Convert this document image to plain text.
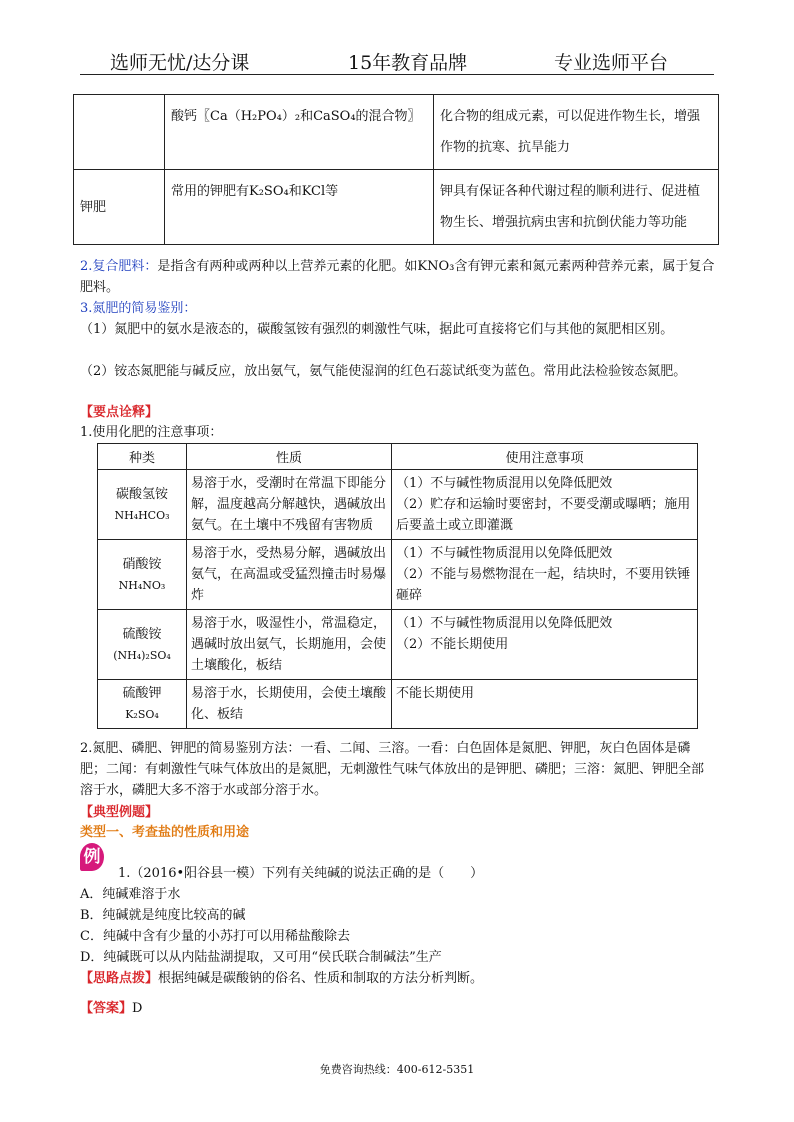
选师无忧/达分课	15年教育品牌	专业选师平台
	酸钙〖Ca（H₂PO₄）₂和CaSO₄的混合物〗	化合物的组成元素，可以促进作物生长，增强作物的抗寒、抗旱能力
钾肥	常用的钾肥有K₂SO₄和KCl等	钾具有保证各种代谢过程的顺利进行、促进植物生长、增强抗病虫害和抗倒伏能力等功能
2.复合肥料：是指含有两种或两种以上营养元素的化肥。如KNO₃含有钾元素和氮元素两种营养元素，属于复合肥料。
3.氮肥的简易鉴别：
（1）氮肥中的氨水是液态的，碳酸氢铵有强烈的刺激性气味，据此可直接将它们与其他的氮肥相区别。
（2）铵态氮肥能与碱反应，放出氨气，氨气能使湿润的红色石蕊试纸变为蓝色。常用此法检验铵态氮肥。
【要点诠释】
1.使用化肥的注意事项：
种类	性质	使用注意事项
碳酸氢铵
NH₄HCO₃	易溶于水，受潮时在常温下即能分解，温度越高分解越快，遇碱放出氨气。在土壤中不残留有害物质	（1）不与碱性物质混用以免降低肥效
（2）贮存和运输时要密封，不要受潮或曝晒；施用后要盖土或立即灌溉
硝酸铵
NH₄NO₃	易溶于水，受热易分解，遇碱放出氨气，在高温或受猛烈撞击时易爆炸	（1）不与碱性物质混用以免降低肥效
（2）不能与易燃物混在一起，结块时，不要用铁锤砸碎
硫酸铵
(NH₄)₂SO₄	易溶于水，吸湿性小，常温稳定，遇碱时放出氨气，长期施用，会使土壤酸化，板结	（1）不与碱性物质混用以免降低肥效
（2）不能长期使用
硫酸钾
K₂SO₄	易溶于水，长期使用，会使土壤酸化、板结	不能长期使用
2.氮肥、磷肥、钾肥的简易鉴别方法：一看、二闻、三溶。一看：白色固体是氮肥、钾肥，灰白色固体是磷肥；二闻：有刺激性气味气体放出的是氮肥，无刺激性气味气体放出的是钾肥、磷肥；三溶：氮肥、钾肥全部溶于水，磷肥大多不溶于水或部分溶于水。
【典型例题】
类型一、考查盐的性质和用途
例
1.（2016•阳谷县一模）下列有关纯碱的说法正确的是（　　）
A．纯碱难溶于水
B．纯碱就是纯度比较高的碱
C．纯碱中含有少量的小苏打可以用稀盐酸除去
D．纯碱既可以从内陆盐湖提取，又可用“侯氏联合制碱法”生产
【思路点拨】根据纯碱是碳酸钠的俗名、性质和制取的方法分析判断。
【答案】D
免费咨询热线：400-612-5351
